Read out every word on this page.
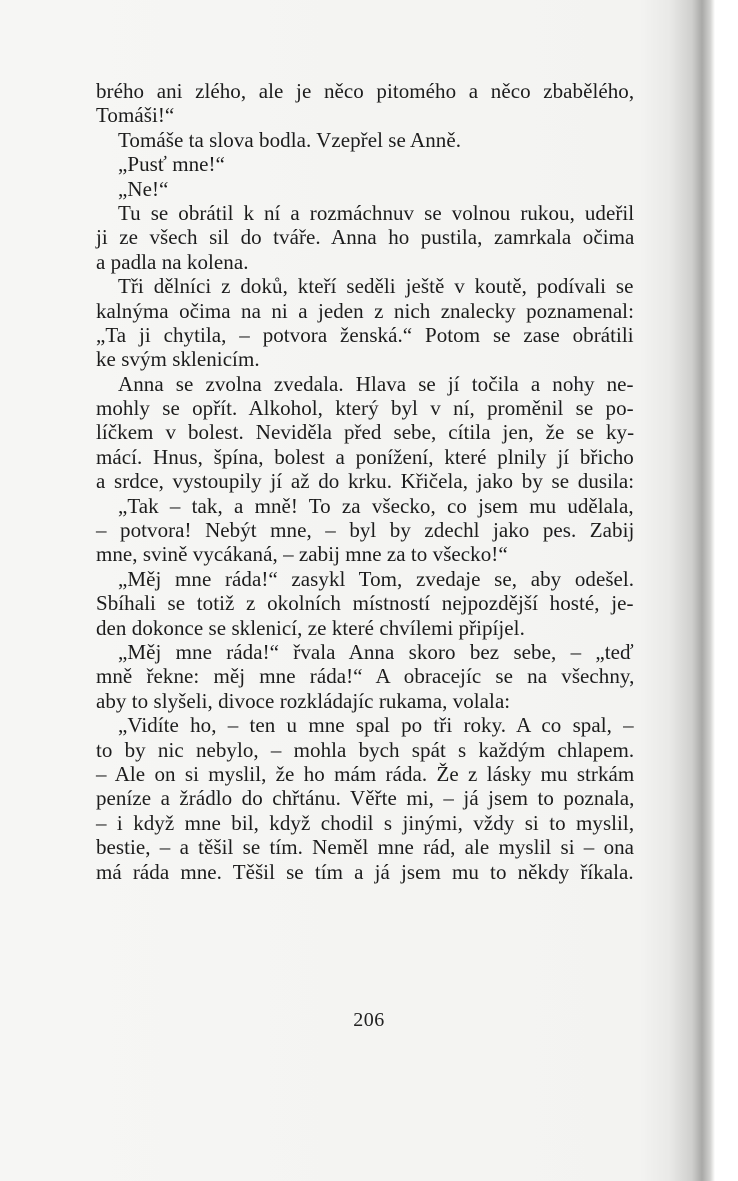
brého ani zlého, ale je něco pitomého a něco zbabělého,
Tomáši!“
Tomáše ta slova bodla. Vzepřel se Anně.
„Pusť mne!“
„Ne!“
Tu se obrátil k ní a rozmáchnuv se volnou rukou, udeřil
ji ze všech sil do tváře. Anna ho pustila, zamrkala očima
a padla na kolena.
Tři dělníci z doků, kteří seděli ještě v koutě, podívali se
kalnýma očima na ni a jeden z nich znalecky poznamenal:
„Ta ji chytila, – potvora ženská.“ Potom se zase obrátili
ke svým sklenicím.
Anna se zvolna zvedala. Hlava se jí točila a nohy ne-
mohly se opřít. Alkohol, který byl v ní, proměnil se po-
líčkem v bolest. Neviděla před sebe, cítila jen, že se ky-
mácí. Hnus, špína, bolest a ponížení, které plnily jí břicho
a srdce, vystoupily jí až do krku. Křičela, jako by se dusila:
„Tak – tak, a mně! To za všecko, co jsem mu udělala,
– potvora! Nebýt mne, – byl by zdechl jako pes. Zabij
mne, svině vycákaná, – zabij mne za to všecko!“
„Měj mne ráda!“ zasykl Tom, zvedaje se, aby odešel.
Sbíhali se totiž z okolních místností nejpozdější hosté, je-
den dokonce se sklenicí, ze které chvílemi připíjel.
„Měj mne ráda!“ řvala Anna skoro bez sebe, – „teď
mně řekne: měj mne ráda!“ A obracejíc se na všechny,
aby to slyšeli, divoce rozkládajíc rukama, volala:
„Vidíte ho, – ten u mne spal po tři roky. A co spal, –
to by nic nebylo, – mohla bych spát s každým chlapem.
– Ale on si myslil, že ho mám ráda. Že z lásky mu strkám
peníze a žrádlo do chřtánu. Věřte mi, – já jsem to poznala,
– i když mne bil, když chodil s jinými, vždy si to myslil,
bestie, – a těšil se tím. Neměl mne rád, ale myslil si – ona
má ráda mne. Těšil se tím a já jsem mu to někdy říkala.
206
